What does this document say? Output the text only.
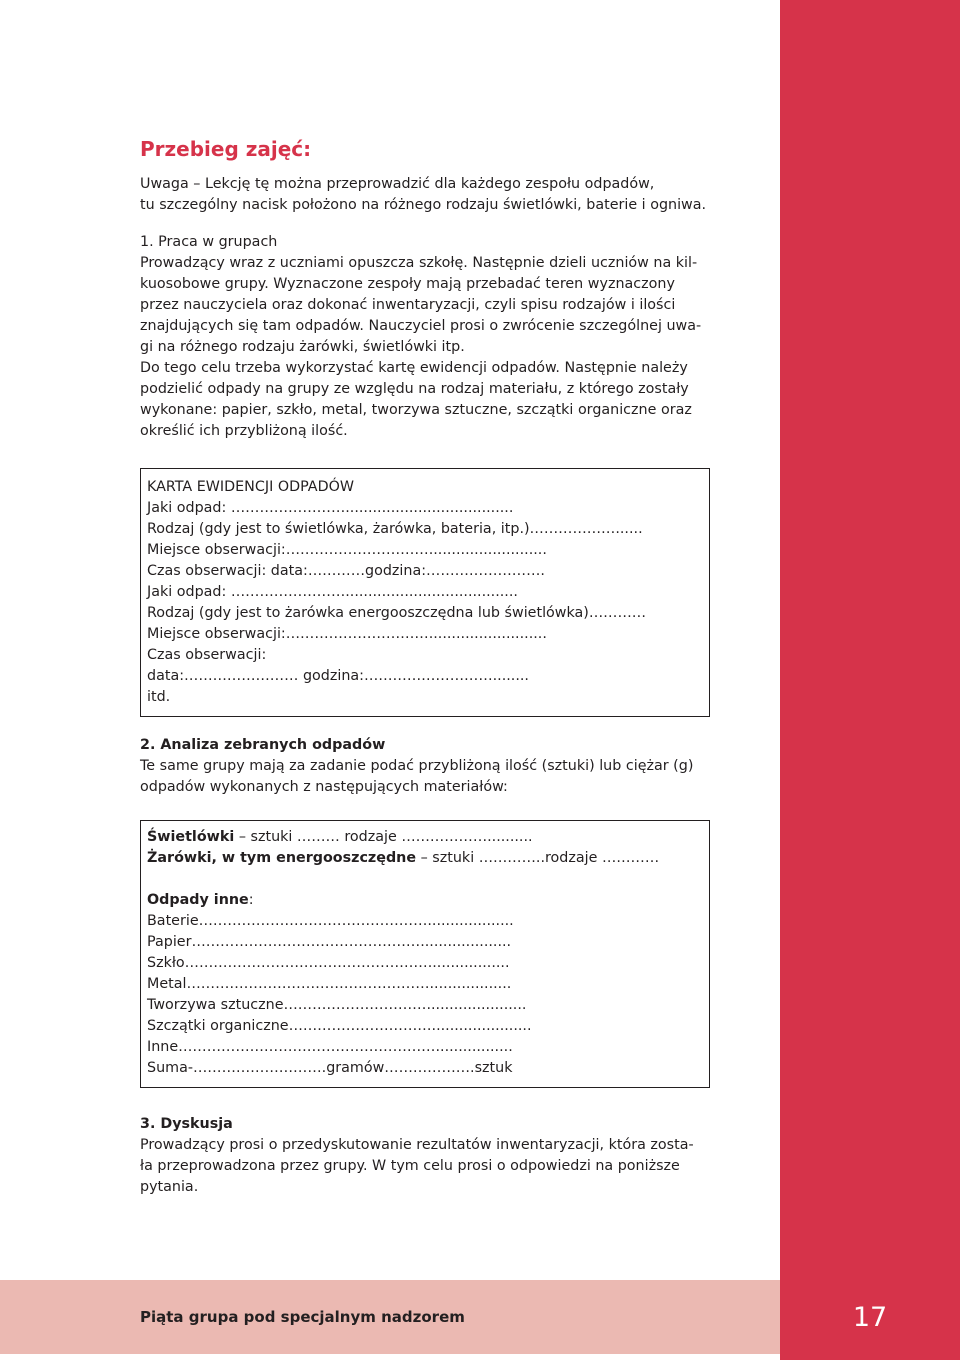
17
Piąta grupa pod specjalnym nadzorem
Przebieg zajęć:
Uwaga – Lekcję tę można przeprowadzić dla każdego zespołu odpadów,
tu szczególny nacisk położono na różnego rodzaju świetlówki, baterie i ogniwa.
1. Praca w grupach
Prowadzący wraz z uczniami opuszcza szkołę. Następnie dzieli uczniów na kil-
kuosobowe grupy. Wyznaczone zespoły mają przebadać teren wyznaczony
przez nauczyciela oraz dokonać inwentaryzacji, czyli spisu rodzajów i ilości
znajdujących się tam odpadów. Nauczyciel prosi o zwrócenie szczególnej uwa-
gi na różnego rodzaju żarówki, świetlówki itp.
Do tego celu trzeba wykorzystać kartę ewidencji odpadów. Następnie należy
podzielić odpady na grupy ze względu na rodzaj materiału, z którego zostały
wykonane: papier, szkło, metal, tworzywa sztuczne, szczątki organiczne oraz
określić ich przybliżoną ilość.
KARTA EWIDENCJI ODPADÓW
Jaki odpad: …………………….....................................
Rodzaj (gdy jest to świetlówka, żarówka, bateria, itp.)………………......
Miejsce obserwacji:…………………………..........................
Czas obserwacji: data:…………godzina:…………………….
Jaki odpad: ……………………......................................
Rodzaj (gdy jest to żarówka energooszczędna lub świetlówka)…………
Miejsce obserwacji:…………………………..........................
Czas obserwacji:
data:…………………… godzina:………………………........
itd.
2. Analiza zebranych odpadów
Te same grupy mają za zadanie podać przybliżoną ilość (sztuki) lub ciężar (g)
odpadów wykonanych z następujących materiałów:
Świetlówki – sztuki ……… rodzaje ………………..........
Żarówki, w tym energooszczędne – sztuki …………..rodzaje …………
Odpady inne:
Baterie…………………………………………...................
Papier…………………………………………....................
Szkło……………………………………………..................
Metal……………………………………………..................
Tworzywa sztuczne…………………………......................
Szczątki organiczne…………………………......................
Inne……………………………………………….................
Suma-……………………….gramów……………….sztuk
3. Dyskusja
Prowadzący prosi o przedyskutowanie rezultatów inwentaryzacji, która zosta-
ła przeprowadzona przez grupy. W tym celu prosi o odpowiedzi na poniższe
pytania.
